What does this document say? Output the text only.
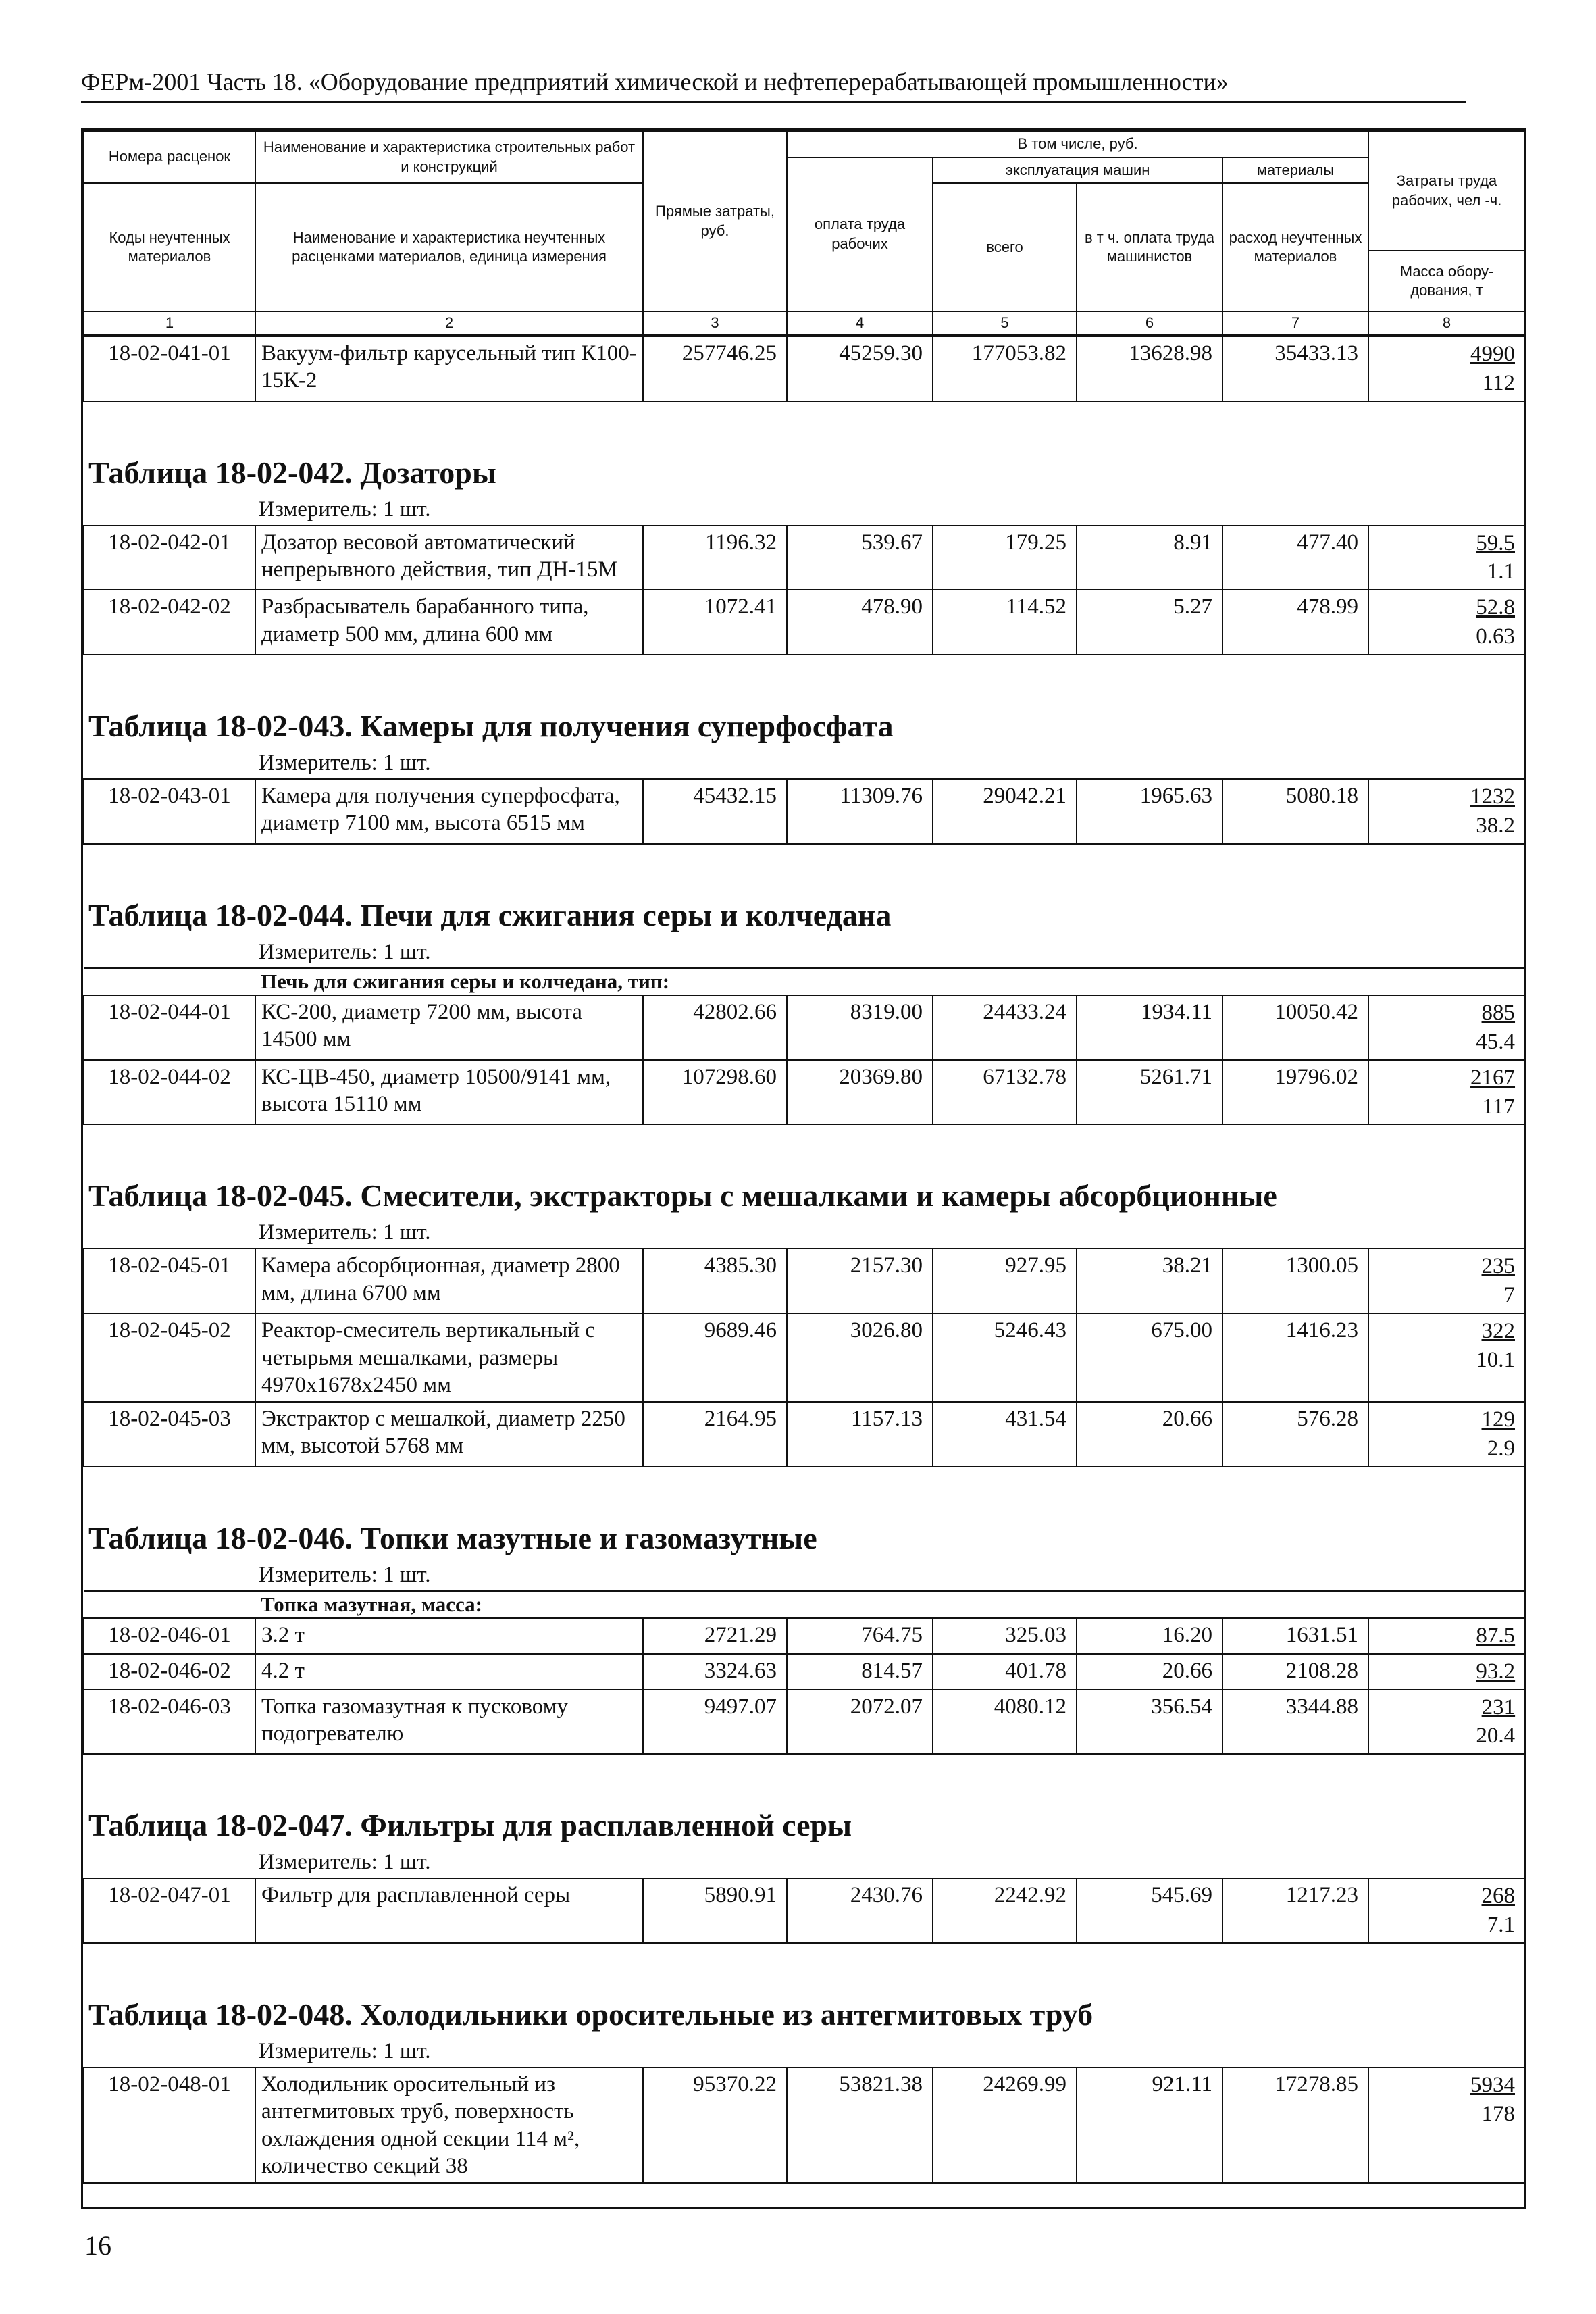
ФЕРм-2001 Часть 18. «Оборудование предприятий химической и нефтеперерабатывающей промышленности»
Номера расценок	Наименование и характеристика строительных работ и конструкций	Прямые затраты, руб.	В том числе, руб.				Затраты труда рабочих, чел -ч.
			оплата труда рабочих	эксплуатация машин		материалы	
Коды неучтенных материалов	Наименование и характеристика неучтенных расценками материалов, единица измерения			всего	в т ч. оплата труда машинистов	расход неучтенных материалов	
							Масса обору-дования, т
1	2	3	4	5	6	7	8
18-02-041-01	Вакуум-фильтр карусельный тип К100-15К-2	257746.25	45259.30	177053.82	13628.98	35433.13	4990
112

Таблица 18-02-042. Дозаторы
Измеритель: 1 шт.
18-02-042-01	Дозатор весовой автоматический непрерывного действия, тип ДН-15М	1196.32	539.67	179.25	8.91	477.40	59.5
1.1

18-02-042-02	Разбрасыватель барабанного типа, диаметр 500 мм, длина 600 мм	1072.41	478.90	114.52	5.27	478.99	52.8
0.63

Таблица 18-02-043. Камеры для получения суперфосфата
Измеритель: 1 шт.
18-02-043-01	Камера для получения суперфосфата, диаметр 7100 мм, высота 6515 мм	45432.15	11309.76	29042.21	1965.63	5080.18	1232
38.2

Таблица 18-02-044. Печи для сжигания серы и колчедана
Измеритель: 1 шт.
Печь для сжигания серы и колчедана, тип:							
18-02-044-01	КС-200, диаметр 7200 мм, высота 14500 мм	42802.66	8319.00	24433.24	1934.11	10050.42	885
45.4

18-02-044-02	КС-ЦВ-450, диаметр 10500/9141 мм, высота 15110 мм	107298.60	20369.80	67132.78	5261.71	19796.02	2167
117

Таблица 18-02-045. Смесители, экстракторы с мешалками и камеры абсорбционные
Измеритель: 1 шт.
18-02-045-01	Камера абсорбционная, диаметр 2800 мм, длина 6700 мм	4385.30	2157.30	927.95	38.21	1300.05	235
7

18-02-045-02	Реактор-смеситель вертикальный с четырьмя мешалками, размеры 4970х1678х2450 мм	9689.46	3026.80	5246.43	675.00	1416.23	322
10.1

18-02-045-03	Экстрактор с мешалкой, диаметр 2250 мм, высотой 5768 мм	2164.95	1157.13	431.54	20.66	576.28	129
2.9

Таблица 18-02-046. Топки мазутные и газомазутные
Измеритель: 1 шт.
Топка мазутная, масса:							
18-02-046-01	3.2 т	2721.29	764.75	325.03	16.20	1631.51	87.5

18-02-046-02	4.2 т	3324.63	814.57	401.78	20.66	2108.28	93.2

18-02-046-03	Топка газомазутная к пусковому подогревателю	9497.07	2072.07	4080.12	356.54	3344.88	231
20.4

Таблица 18-02-047. Фильтры для расплавленной серы
Измеритель: 1 шт.
18-02-047-01	Фильтр для расплавленной серы	5890.91	2430.76	2242.92	545.69	1217.23	268
7.1

Таблица 18-02-048. Холодильники оросительные из антегмитовых труб
Измеритель: 1 шт.
18-02-048-01	Холодильник оросительный из антегмитовых труб, поверхность охлаждения одной секции 114 м², количество секций 38	95370.22	53821.38	24269.99	921.11	17278.85	5934
178

16
